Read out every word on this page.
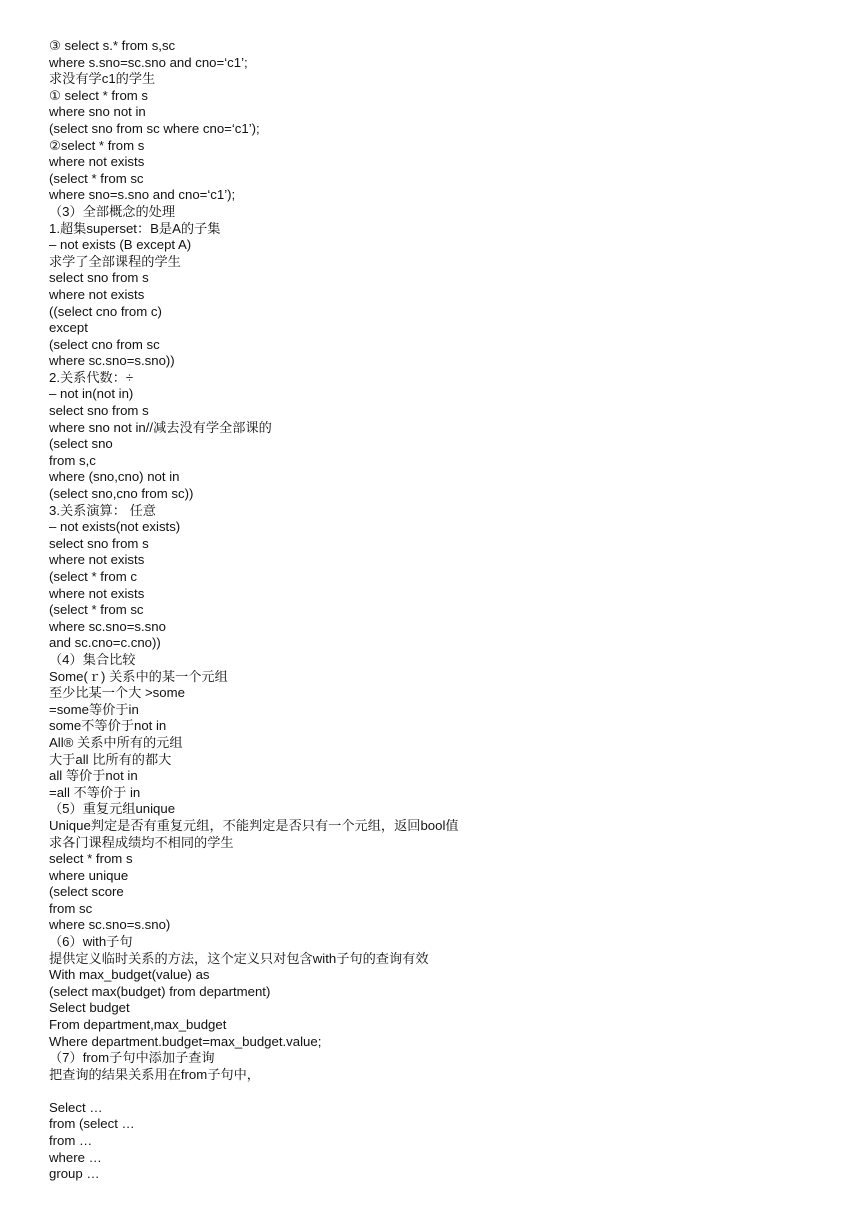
③ select s.* from s,sc
where s.sno=sc.sno and cno=‘c1’;
求没有学c1的学生
① select * from s
where sno not in
(select sno from sc where cno=‘c1’);
②select * from s
where not exists
(select * from sc
where sno=s.sno and cno=‘c1’);
（3）全部概念的处理
1.超集superset：B是A的子集
– not exists (B except A)
求学了全部课程的学生
select sno from s
where not exists
((select cno from c)
except
(select cno from sc
where sc.sno=s.sno))
2.关系代数：÷
– not in(not in)
select sno from s
where sno not in//减去没有学全部课的
(select sno
from s,c
where (sno,cno) not in
(select sno,cno from sc))
3.关系演算： 任意
– not exists(not exists)
select sno from s
where not exists
(select * from c
where not exists
(select * from sc
where sc.sno=s.sno
and sc.cno=c.cno))
（4）集合比较
Some(ｒ) 关系中的某一个元组
至少比某一个大 >some
=some等价于in
some不等价于not in
All® 关系中所有的元组
大于all 比所有的都大
all 等价于not in
=all 不等价于 in
（5）重复元组unique
Unique判定是否有重复元组，不能判定是否只有一个元组，返回bool值
求各门课程成绩均不相同的学生
select * from s
where unique
(select score
from sc
where sc.sno=s.sno)
（6）with子句
提供定义临时关系的方法，这个定义只对包含with子句的查询有效
With max_budget(value) as
(select max(budget) from department)
Select budget
From department,max_budget
Where department.budget=max_budget.value;
（7）from子句中添加子查询
把查询的结果关系用在from子句中，
Select …
from (select …
from …
where …
group …
